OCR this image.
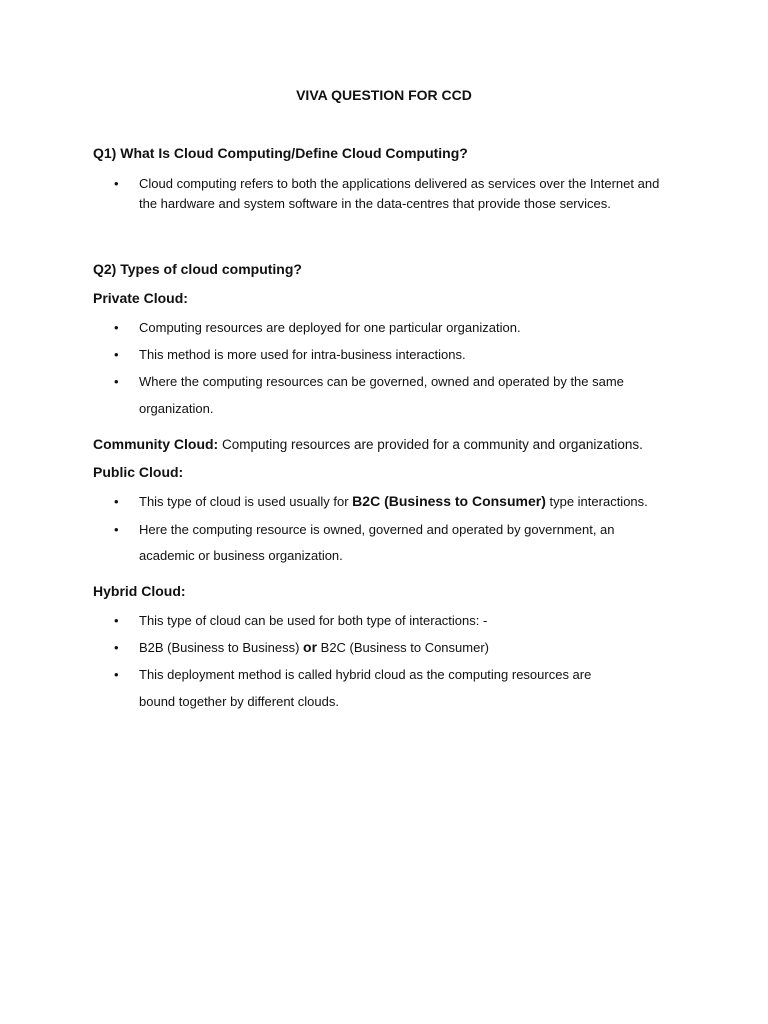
VIVA QUESTION FOR CCD
Q1) What Is Cloud Computing/Define Cloud Computing?
• Cloud computing refers to both the applications delivered as services over the Internet and the hardware and system software in the data-centres that provide those services.
Q2) Types of cloud computing?
Private Cloud:
• Computing resources are deployed for one particular organization.
• This method is more used for intra-business interactions.
• Where the computing resources can be governed, owned and operated by the same
organization.
Community Cloud: Computing resources are provided for a community and organizations.
Public Cloud:
• This type of cloud is used usually for B2C (Business to Consumer) type interactions.
• Here the computing resource is owned, governed and operated by government, an
academic or business organization.
Hybrid Cloud:
• This type of cloud can be used for both type of interactions: -
• B2B (Business to Business) or B2C (Business to Consumer)
• This deployment method is called hybrid cloud as the computing resources are
bound together by different clouds.
